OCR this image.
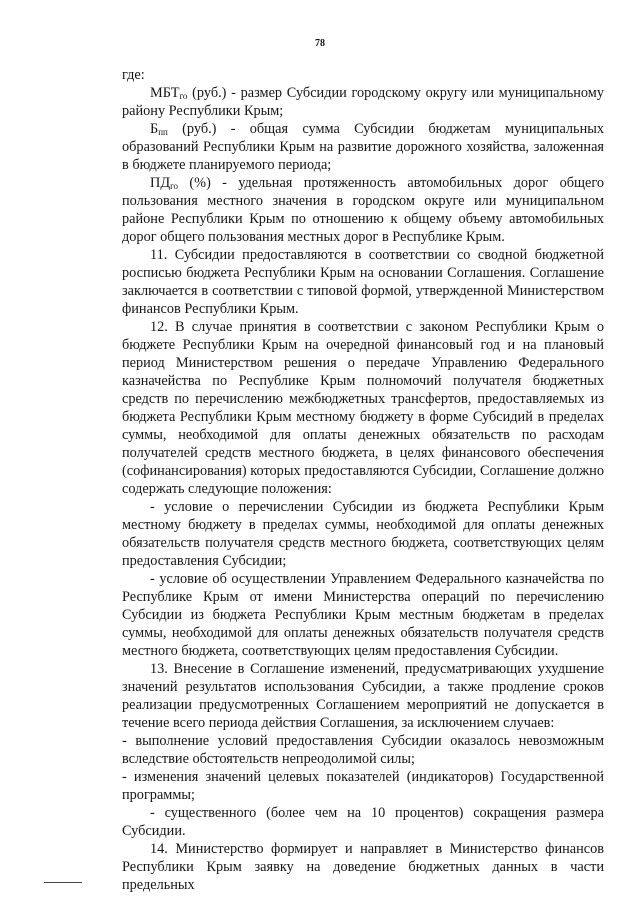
78

где:

$МБТ_{го}$ (руб.) - размер Субсидии городскому округу или муниципальному району Республики Крым;

$Б_{пп}$ (руб.) - общая сумма Субсидии бюджетам муниципальных образований Республики Крым на развитие дорожного хозяйства, заложенная в бюджете планируемого периода;

$ПД_{го}$ (%) - удельная протяженность автомобильных дорог общего пользования местного значения в городском округе или муниципальном районе Республики Крым по отношению к общему объему автомобильных дорог общего пользования местных дорог в Республике Крым.

11. Субсидии предоставляются в соответствии со сводной бюджетной росписью бюджета Республики Крым на основании Соглашения. Соглашение заключается в соответствии с типовой формой, утвержденной Министерством финансов Республики Крым.

12. В случае принятия в соответствии с законом Республики Крым о бюджете Республики Крым на очередной финансовый год и на плановый период Министерством решения о передаче Управлению Федерального казначейства по Республике Крым полномочий получателя бюджетных средств по перечислению межбюджетных трансфертов, предоставляемых из бюджета Республики Крым местному бюджету в форме Субсидий в пределах суммы, необходимой для оплаты денежных обязательств по расходам получателей средств местного бюджета, в целях финансового обеспечения (софинансирования) которых предоставляются Субсидии, Соглашение должно содержать следующие положения:

- условие о перечислении Субсидии из бюджета Республики Крым местному бюджету в пределах суммы, необходимой для оплаты денежных обязательств получателя средств местного бюджета, соответствующих целям предоставления Субсидии;

- условие об осуществлении Управлением Федерального казначейства по Республике Крым от имени Министерства операций по перечислению Субсидии из бюджета Республики Крым местным бюджетам в пределах суммы, необходимой для оплаты денежных обязательств получателя средств местного бюджета, соответствующих целям предоставления Субсидии.

13. Внесение в Соглашение изменений, предусматривающих ухудшение значений результатов использования Субсидии, а также продление сроков реализации предусмотренных Соглашением мероприятий не допускается в течение всего периода действия Соглашения, за исключением случаев:

- выполнение условий предоставления Субсидии оказалось невозможным вследствие обстоятельств непреодолимой силы;

- изменения значений целевых показателей (индикаторов) Государственной программы;

- существенного (более чем на 10 процентов) сокращения размера Субсидии.

14. Министерство формирует и направляет в Министерство финансов Республики Крым заявку на доведение бюджетных данных в части предельных
